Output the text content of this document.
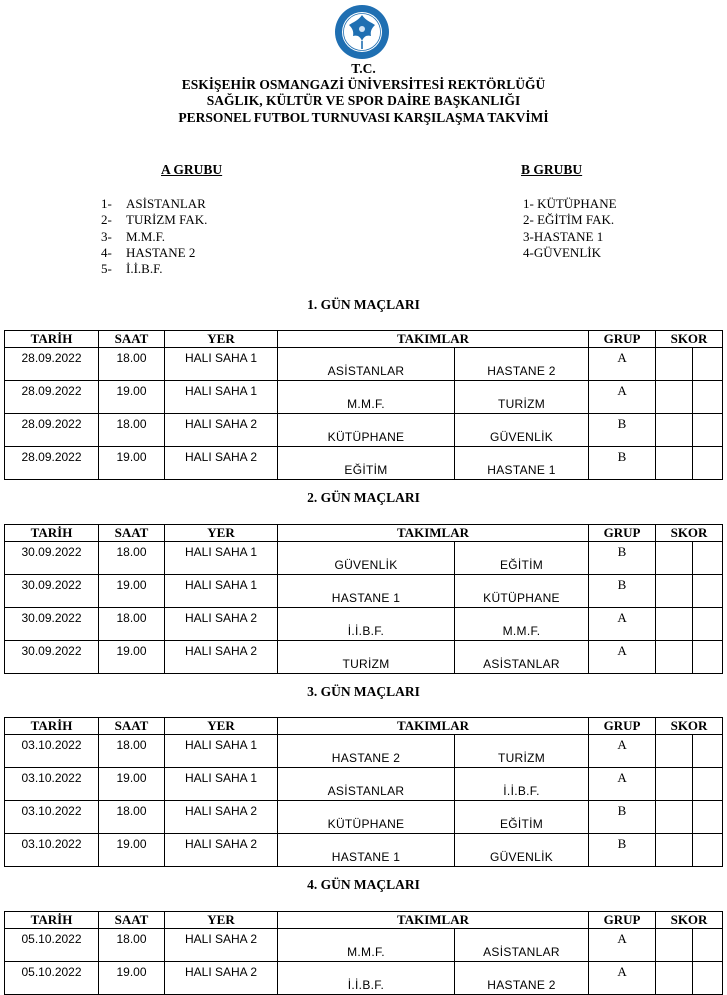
T.C.
ESKİŞEHİR OSMANGAZİ ÜNİVERSİTESİ REKTÖRLÜĞÜ
SAĞLIK, KÜLTÜR VE SPOR DAİRE BAŞKANLIĞI
PERSONEL FUTBOL TURNUVASI KARŞILAŞMA TAKVİMİ
A GRUBU
1- ASİSTANLAR
2- TURİZM FAK.
3- M.M.F.
4- HASTANE 2
5- İ.İ.B.F.
B GRUBU
1- KÜTÜPHANE
2- EĞİTİM FAK.
3-HASTANE 1
4-GÜVENLİK
1. GÜN MAÇLARI
TARİH	SAAT	YER	TAKIMLAR		GRUP	SKOR	
28.09.2022	18.00	HALI SAHA 1	ASİSTANLAR	HASTANE 2	A		
28.09.2022	19.00	HALI SAHA 1	M.M.F.	TURİZM	A		
28.09.2022	18.00	HALI SAHA 2	KÜTÜPHANE	GÜVENLİK	B		
28.09.2022	19.00	HALI SAHA 2	EĞİTİM	HASTANE 1	B		
2. GÜN MAÇLARI
TARİH	SAAT	YER	TAKIMLAR		GRUP	SKOR	
30.09.2022	18.00	HALI SAHA 1	GÜVENLİK	EĞİTİM	B		
30.09.2022	19.00	HALI SAHA 1	HASTANE 1	KÜTÜPHANE	B		
30.09.2022	18.00	HALI SAHA 2	İ.İ.B.F.	M.M.F.	A		
30.09.2022	19.00	HALI SAHA 2	TURİZM	ASİSTANLAR	A		
3. GÜN MAÇLARI
TARİH	SAAT	YER	TAKIMLAR		GRUP	SKOR	
03.10.2022	18.00	HALI SAHA 1	HASTANE 2	TURİZM	A		
03.10.2022	19.00	HALI SAHA 1	ASİSTANLAR	İ.İ.B.F.	A		
03.10.2022	18.00	HALI SAHA 2	KÜTÜPHANE	EĞİTİM	B		
03.10.2022	19.00	HALI SAHA 2	HASTANE 1	GÜVENLİK	B		
4. GÜN MAÇLARI
TARİH	SAAT	YER	TAKIMLAR		GRUP	SKOR	
05.10.2022	18.00	HALI SAHA 2	M.M.F.	ASİSTANLAR	A		
05.10.2022	19.00	HALI SAHA 2	İ.İ.B.F.	HASTANE 2	A		
